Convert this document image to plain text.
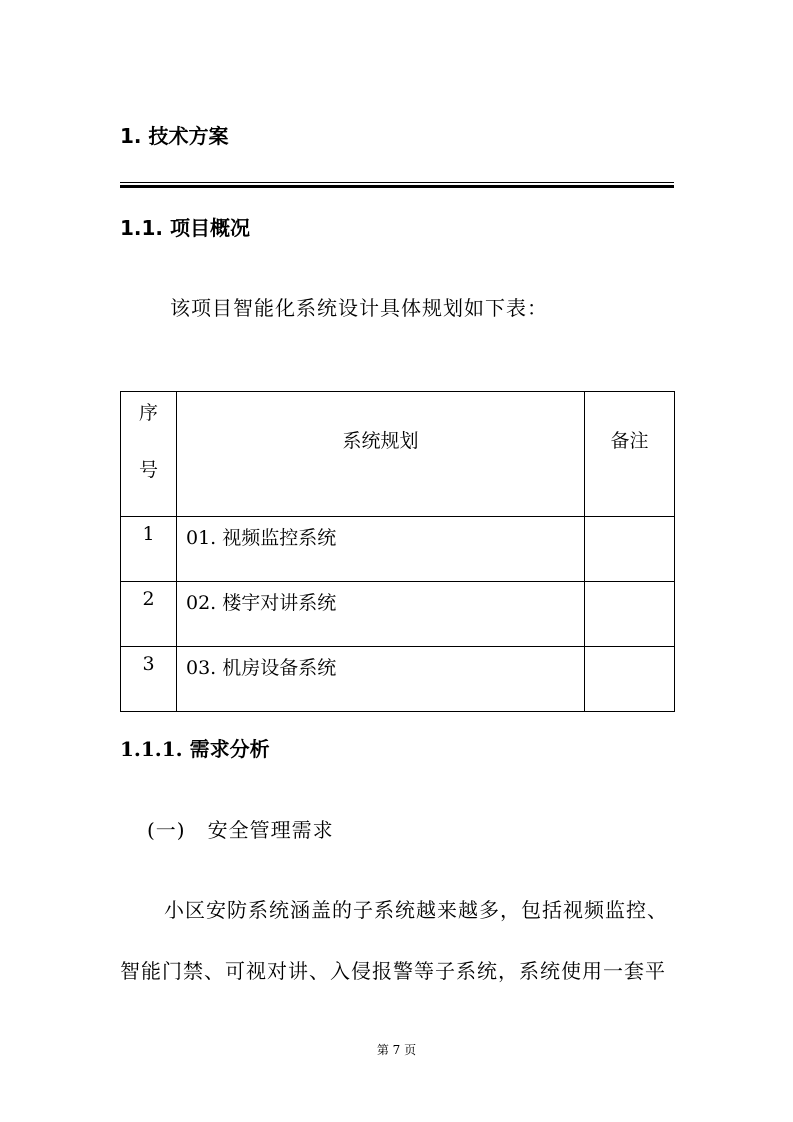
1. 技术方案
1.1. 项目概况
该项目智能化系统设计具体规划如下表：
序
号	系统规划	备注

1	01. 视频监控系统	

2	02. 楼宇对讲系统	

3	03. 机房设备系统	

1.1.1. 需求分析
(一) 安全管理需求
小区安防系统涵盖的子系统越来越多，包括视频监控、
智能门禁、可视对讲、入侵报警等子系统，系统使用一套平
第 7 页
